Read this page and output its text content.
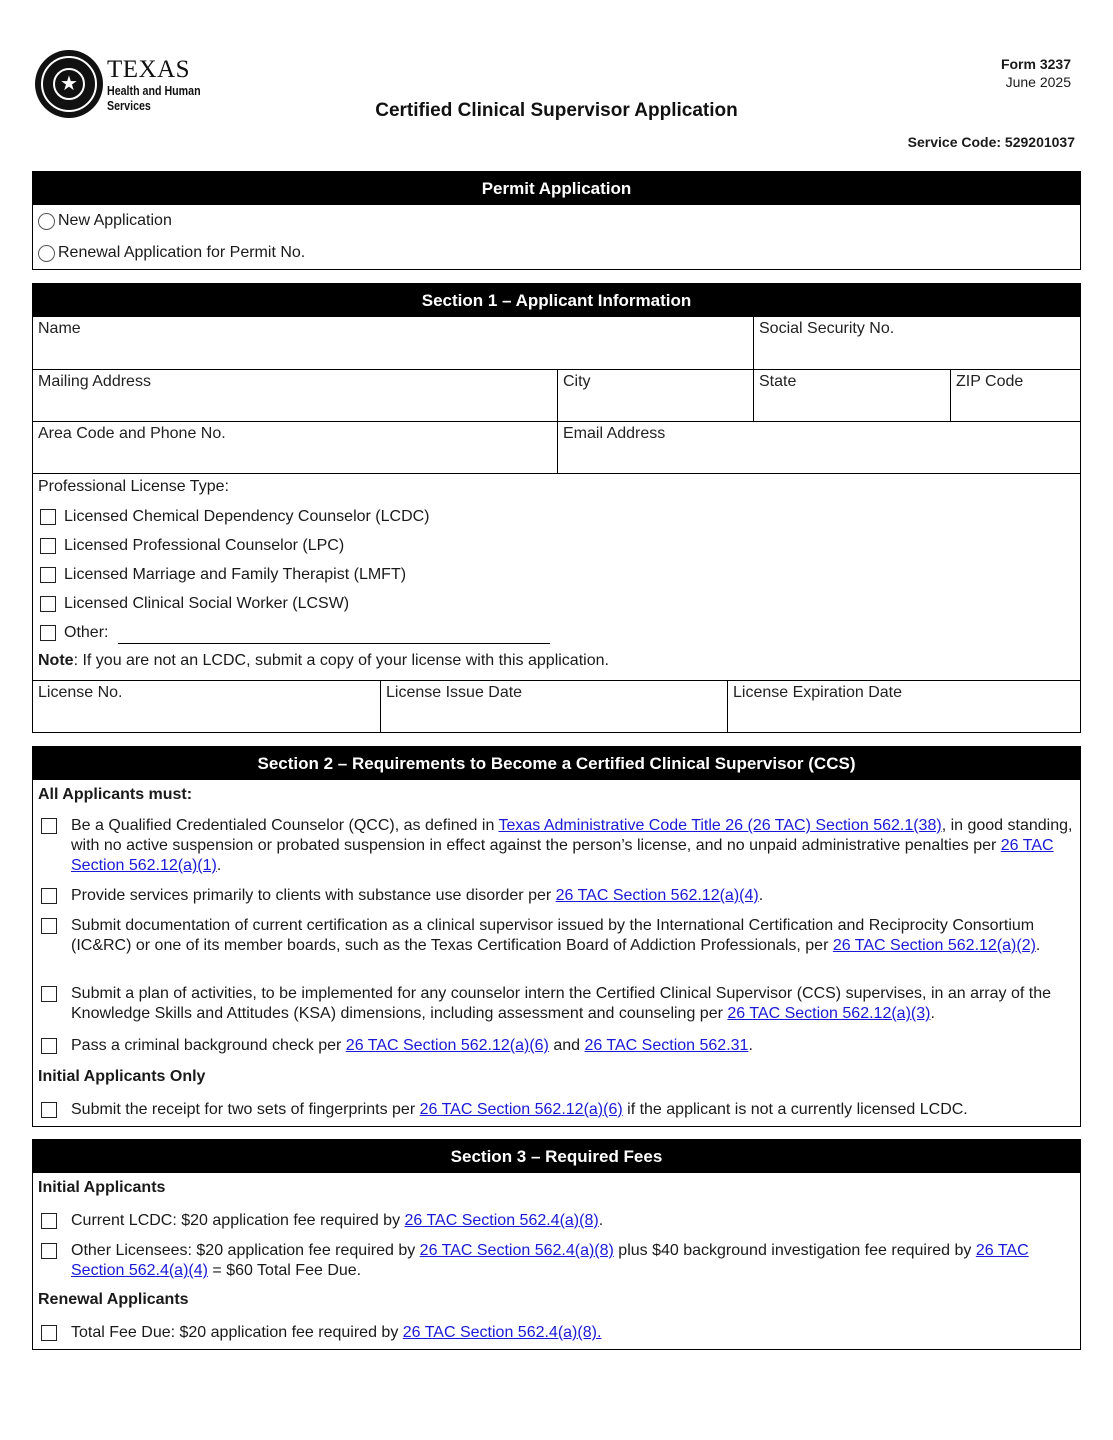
★
TEXAS
Health and Human
Services
Form 3237
June 2025
Certified Clinical Supervisor Application
Service Code: 529201037
Permit Application
New Application
Renewal Application for Permit No.
Section 1 – Applicant Information
Name	Social Security No.
Mailing Address	City	State	ZIP Code
Area Code and Phone No.	Email Address
Professional License Type:
Licensed Chemical Dependency Counselor (LCDC)
Licensed Professional Counselor (LPC)
Licensed Marriage and Family Therapist (LMFT)
Licensed Clinical Social Worker (LCSW)
Other:
Note: If you are not an LCDC, submit a copy of your license with this application.
License No.	License Issue Date	License Expiration Date
Section 2 – Requirements to Become a Certified Clinical Supervisor (CCS)
All Applicants must:
Be a Qualified Credentialed Counselor (QCC), as defined in Texas Administrative Code Title 26 (26 TAC) Section 562.1(38), in good standing, with no active suspension or probated suspension in effect against the person’s license, and no unpaid administrative penalties per 26 TAC Section 562.12(a)(1).
Provide services primarily to clients with substance use disorder per 26 TAC Section 562.12(a)(4).
Submit documentation of current certification as a clinical supervisor issued by the International Certification and Reciprocity Consortium (IC&RC) or one of its member boards, such as the Texas Certification Board of Addiction Professionals, per 26 TAC Section 562.12(a)(2).
Submit a plan of activities, to be implemented for any counselor intern the Certified Clinical Supervisor (CCS) supervises, in an array of the Knowledge Skills and Attitudes (KSA) dimensions, including assessment and counseling per 26 TAC Section 562.12(a)(3).
Pass a criminal background check per 26 TAC Section 562.12(a)(6) and 26 TAC Section 562.31.
Initial Applicants Only
Submit the receipt for two sets of fingerprints per 26 TAC Section 562.12(a)(6) if the applicant is not a currently licensed LCDC.
Section 3 – Required Fees
Initial Applicants
Current LCDC: $20 application fee required by 26 TAC Section 562.4(a)(8).
Other Licensees: $20 application fee required by 26 TAC Section 562.4(a)(8) plus $40 background investigation fee required by 26 TAC Section 562.4(a)(4) = $60 Total Fee Due.
Renewal Applicants
Total Fee Due: $20 application fee required by 26 TAC Section 562.4(a)(8).
